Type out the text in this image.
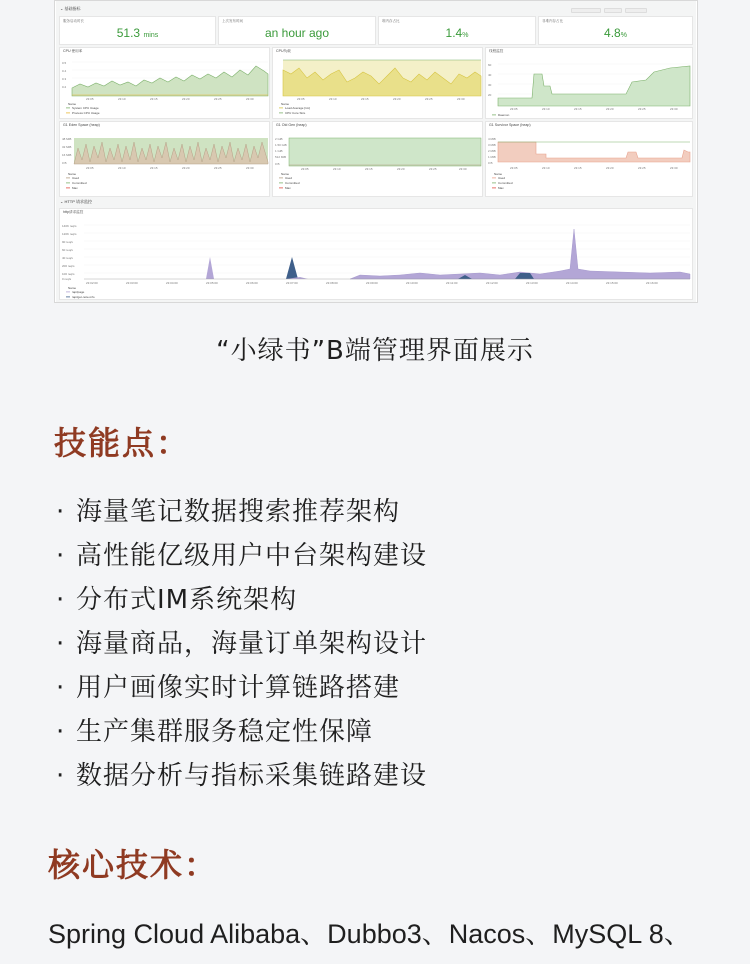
⌄ 基础指标
服务启动时长
51.3 mins
上次发布时间
an hour ago
堆内存占比
1.4%
非堆内存占比
4.8%
CPU 使用率
23:05	23:10	23:15	23:20	23:25	23:30
0.5
0.4
0.3
0.2
Name
System CPU Usage
Process CPU Usage
CPU负载
23:05	23:10	23:15	23:20	23:25	23:30
Name
Load Average [1m]
CPU Core Size
线程监控
60
40
30
20
23:05	23:10	23:15	23:20	23:25	23:30
Daemon
G1 Eden Space (heap)
48 MiB
32 MiB
16 MiB
0 B
23:05	23:10	23:15	23:20	23:25	23:30
Name
Used
Committed
Max
G1 Old Gen (heap)
2 GiB
1.50 GiB
1 GiB
512 MiB
0 B
23:05	23:10	23:15	23:20	23:25	23:30
Name
Used
Committed
Max
G1 Survivor Space (heap)
4 MiB
3 MiB
2 MiB
1 MiB
0 B
23:05	23:10	23:15	23:20	23:25	23:30
Name
Used
Committed
Max
⌄ HTTP 请求监控
http请求监控
140K req/s
120K req/s
90 req/s
60 req/s
40 req/s
200 req/s
100 req/s
0 req/s
23:02:00	23:03:00	23:04:00	23:05:00	23:06:00	23:07:00	23:08:00	23:09:00	23:10:00	23:11:00	23:12:00	23:13:00	23:14:00	23:15:00	23:16:00
Name
/api/page
/api/get-note-info
“小绿书”B端管理界面展示
技能点：
· 海量笔记数据搜索推荐架构
· 高性能亿级用户中台架构建设
· 分布式IM系统架构
· 海量商品，海量订单架构设计
· 用户画像实时计算链路搭建
· 生产集群服务稳定性保障
· 数据分析与指标采集链路建设
核心技术：
Spring Cloud Alibaba、Dubbo3、Nacos、MySQL 8、
